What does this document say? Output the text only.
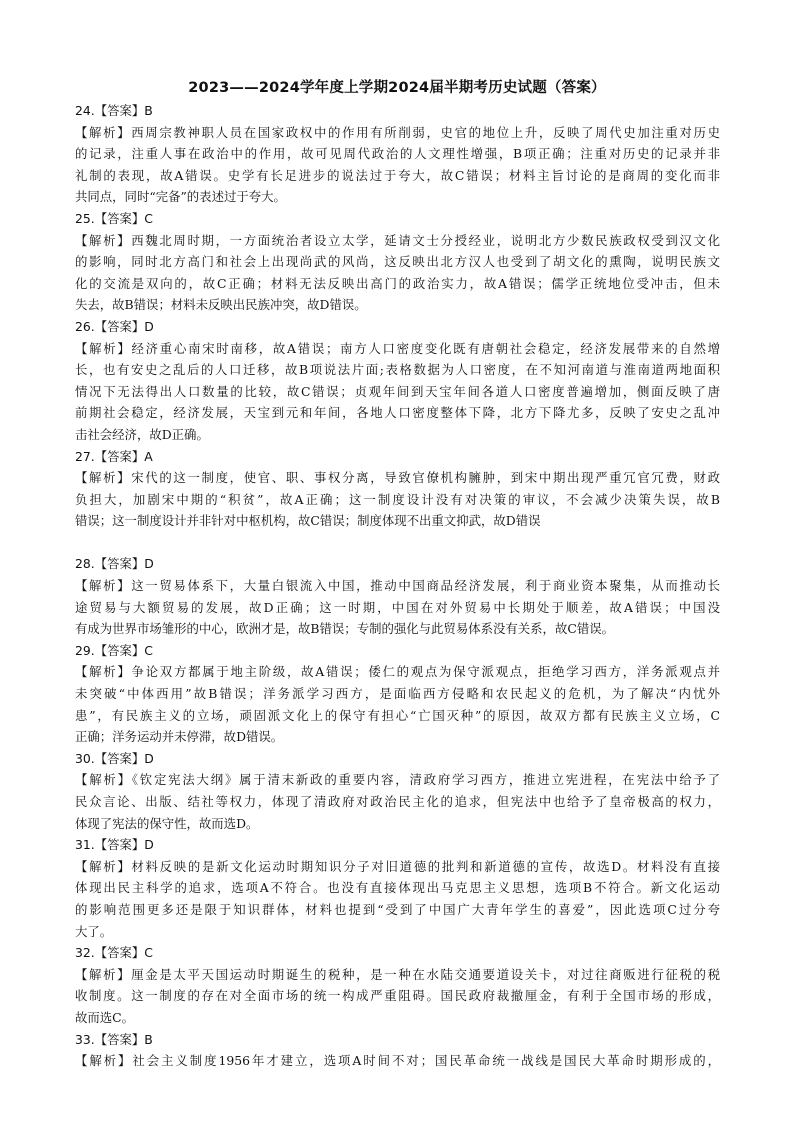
2023——2024学年度上学期2024届半期考历史试题（答案）
24.【答案】B
【解析】西周宗教神职人员在国家政权中的作用有所削弱，史官的地位上升，反映了周代史加注重对历史
的记录，注重人事在政治中的作用，故可见周代政治的人文理性增强，B项正确；注重对历史的记录并非
礼制的表现，故A错误。史学有长足进步的说法过于夸大，故C错误；材料主旨讨论的是商周的变化而非
共同点，同时“完备”的表述过于夸大。
25.【答案】C
【解析】西魏北周时期，一方面统治者设立太学，延请文士分授经业，说明北方少数民族政权受到汉文化
的影响，同时北方高门和社会上出现尚武的风尚，这反映出北方汉人也受到了胡文化的熏陶，说明民族文
化的交流是双向的，故C正确；材料无法反映出高门的政治实力，故A错误；儒学正统地位受冲击，但未
失去，故B错误；材料未反映出民族冲突，故D错误。
26.【答案】D
【解析】经济重心南宋时南移，故A错误；南方人口密度变化既有唐朝社会稳定，经济发展带来的自然增
长，也有安史之乱后的人口迁移，故B项说法片面;表格数据为人口密度，在不知河南道与淮南道两地面积
情况下无法得出人口数量的比较，故C错误；贞观年间到天宝年间各道人口密度普遍增加，侧面反映了唐
前期社会稳定，经济发展，天宝到元和年间，各地人口密度整体下降，北方下降尤多，反映了安史之乱冲
击社会经济，故D正确。
27.【答案】A
【解析】宋代的这一制度，使官、职、事权分离，导致官僚机构臃肿，到宋中期出现严重冗官冗费，财政
负担大，加剧宋中期的“积贫”，故A正确；这一制度设计没有对决策的审议，不会减少决策失误，故B
错误；这一制度设计并非针对中枢机构，故C错误；制度体现不出重文抑武，故D错误
28.【答案】D
【解析】这一贸易体系下，大量白银流入中国，推动中国商品经济发展，利于商业资本聚集，从而推动长
途贸易与大额贸易的发展，故D正确；这一时期，中国在对外贸易中长期处于顺差，故A错误；中国没
有成为世界市场雏形的中心，欧洲才是，故B错误；专制的强化与此贸易体系没有关系，故C错误。
29.【答案】C
【解析】争论双方都属于地主阶级，故A错误；倭仁的观点为保守派观点，拒绝学习西方，洋务派观点并
未突破“中体西用”故B错误；洋务派学习西方，是面临西方侵略和农民起义的危机，为了解决“内忧外
患”，有民族主义的立场，顽固派文化上的保守有担心“亡国灭种”的原因，故双方都有民族主义立场，C
正确；洋务运动并未停滞，故D错误。
30.【答案】D
【解析】《钦定宪法大纲》属于清末新政的重要内容，清政府学习西方，推进立宪进程，在宪法中给予了
民众言论、出版、结社等权力，体现了清政府对政治民主化的追求，但宪法中也给予了皇帝极高的权力，
体现了宪法的保守性，故而选D。
31.【答案】D
【解析】材料反映的是新文化运动时期知识分子对旧道德的批判和新道德的宣传，故选D。材料没有直接
体现出民主科学的追求，选项A不符合。也没有直接体现出马克思主义思想，选项B不符合。新文化运动
的影响范围更多还是限于知识群体，材料也提到“受到了中国广大青年学生的喜爱”，因此选项C过分夸
大了。
32.【答案】C
【解析】厘金是太平天国运动时期诞生的税种，是一种在水陆交通要道设关卡，对过往商贩进行征税的税
收制度。这一制度的存在对全面市场的统一构成严重阻碍。国民政府裁撤厘金，有利于全国市场的形成，
故而选C。
33.【答案】B
【解析】社会主义制度1956年才建立，选项A时间不对；国民革命统一战线是国民大革命时期形成的，
